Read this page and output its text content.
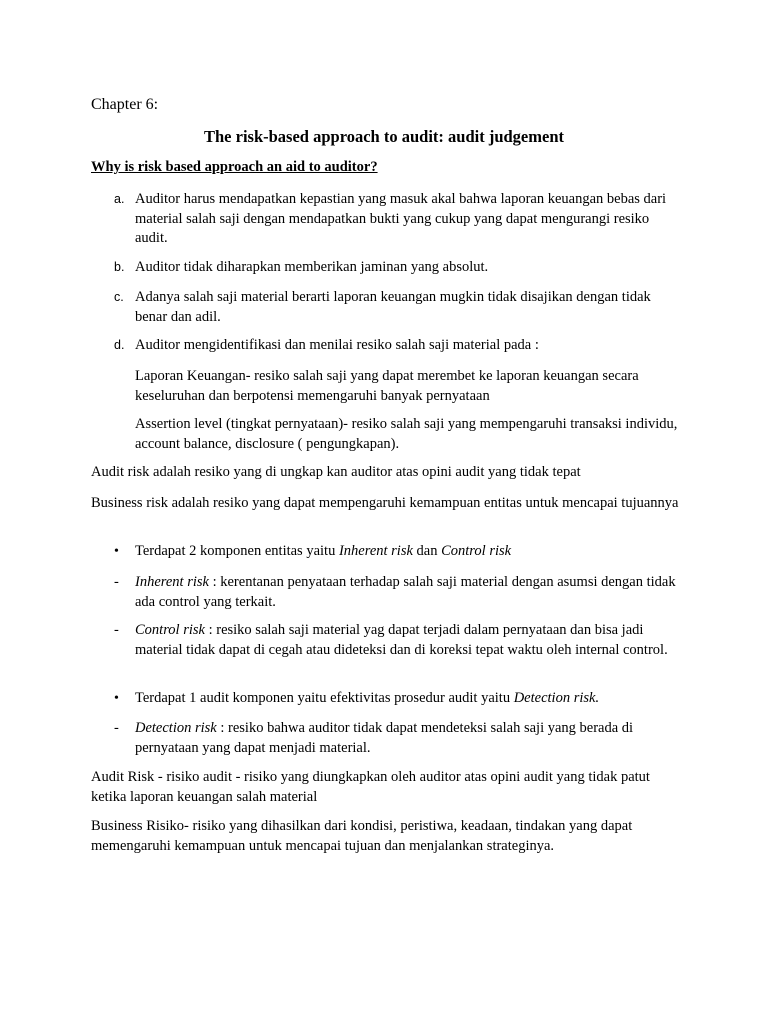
Chapter 6:
The risk-based approach to audit: audit judgement
Why is risk based approach an aid to auditor?
a. Auditor harus mendapatkan kepastian yang masuk akal bahwa laporan keuangan bebas dari material salah saji dengan mendapatkan bukti yang cukup yang dapat mengurangi resiko audit.
b. Auditor tidak diharapkan memberikan jaminan yang absolut.
c. Adanya salah saji material berarti laporan keuangan mugkin tidak disajikan dengan tidak benar dan adil.
d. Auditor mengidentifikasi dan menilai resiko salah saji material pada :
Laporan Keuangan- resiko salah saji yang dapat merembet ke laporan keuangan secara keseluruhan dan berpotensi memengaruhi banyak pernyataan
Assertion level (tingkat pernyataan)- resiko salah saji yang mempengaruhi transaksi individu, account balance, disclosure ( pengungkapan).
Audit risk adalah resiko yang di ungkap kan auditor atas opini audit yang tidak tepat
Business risk adalah resiko yang dapat mempengaruhi kemampuan entitas untuk mencapai tujuannya
• Terdapat 2 komponen entitas yaitu Inherent risk dan Control risk
- Inherent risk : kerentanan penyataan terhadap salah saji material dengan asumsi dengan tidak ada control yang terkait.
- Control risk : resiko salah saji material yag dapat terjadi dalam pernyataan dan bisa jadi material tidak dapat di cegah atau dideteksi dan di koreksi tepat waktu oleh internal control.
• Terdapat 1 audit komponen yaitu efektivitas prosedur audit yaitu Detection risk.
- Detection risk : resiko bahwa auditor tidak dapat mendeteksi salah saji yang berada di pernyataan yang dapat menjadi material.
Audit Risk - risiko audit - risiko yang diungkapkan oleh auditor atas opini audit yang tidak patut ketika laporan keuangan salah material
Business Risiko- risiko yang dihasilkan dari kondisi, peristiwa, keadaan, tindakan yang dapat memengaruhi kemampuan untuk mencapai tujuan dan menjalankan strateginya.
